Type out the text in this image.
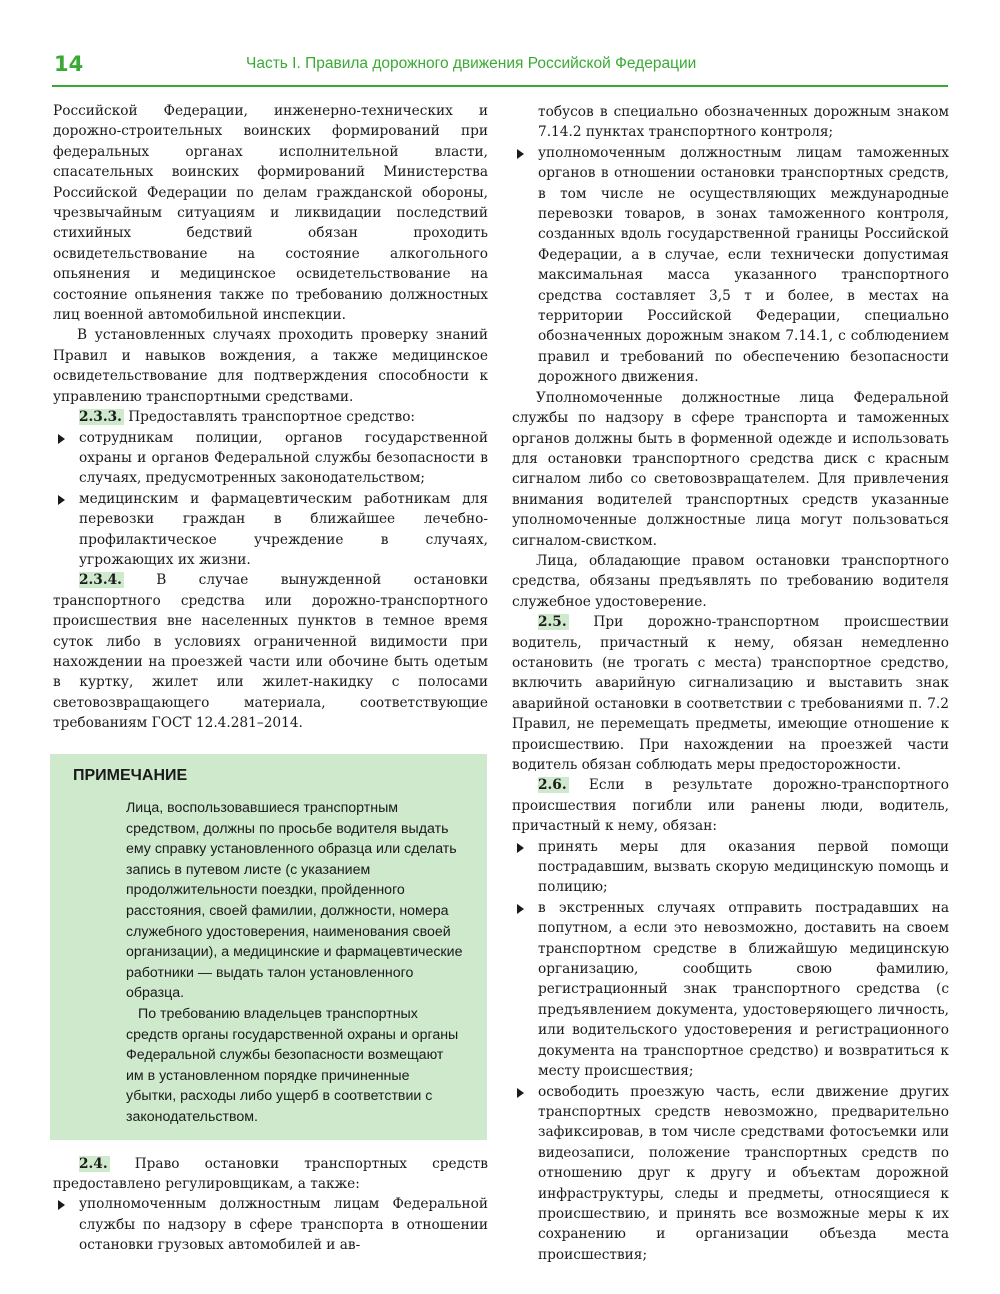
14	Часть I. Правила дорожного движения Российской Федерации

Российской Федерации, инженерно-технических и дорожно-строительных воинских формирований при федеральных органах исполнительной власти, спасательных воинских формирований Министерства Российской Федерации по делам гражданской обороны, чрезвычайным ситуациям и ликвидации последствий стихийных бедствий обязан проходить освидетельствование на состояние алкогольного опьянения и медицинское освидетельствование на состояние опьянения также по требованию должностных лиц военной автомобильной инспекции.

В установленных случаях проходить проверку знаний Правил и навыков вождения, а также медицинское освидетельствование для подтверждения способности к управлению транспортными средствами.

2.3.3. Предоставлять транспортное средство:

сотрудникам полиции, органов государственной охраны и органов Федеральной службы безопасности в случаях, предусмотренных законодательством;

медицинским и фармацевтическим работникам для перевозки граждан в ближайшее лечебно-профилактическое учреждение в случаях, угрожающих их жизни.

2.3.4. В случае вынужденной остановки транспортного средства или дорожно-транспортного происшествия вне населенных пунктов в темное время суток либо в условиях ограниченной видимости при нахождении на проезжей части или обочине быть одетым в куртку, жилет или жилет-накидку с полосами световозвращающего материала, соответствующие требованиям ГОСТ 12.4.281–2014.

ПРИМЕЧАНИЕ

Лица, воспользовавшиеся транспортным средством, должны по просьбе водителя выдать ему справку установленного образца или сделать запись в путевом листе (с указанием продолжительности поездки, пройденного расстояния, своей фамилии, должности, номера служебного удостоверения, наименования своей организации), а медицинские и фармацевтические работники — выдать талон установленного образца.

По требованию владельцев транспортных средств органы государственной охраны и органы Федеральной службы безопасности возмещают им в установленном порядке причиненные убытки, расходы либо ущерб в соответствии с законодательством.

2.4. Право остановки транспортных средств предоставлено регулировщикам, а также:

уполномоченным должностным лицам Федеральной службы по надзору в сфере транспорта в отношении остановки грузовых автомобилей и ав-

тобусов в специально обозначенных дорожным знаком 7.14.2 пунктах транспортного контроля;

уполномоченным должностным лицам таможенных органов в отношении остановки транспортных средств, в том числе не осуществляющих международные перевозки товаров, в зонах таможенного контроля, созданных вдоль государственной границы Российской Федерации, а в случае, если технически допустимая максимальная масса указанного транспортного средства составляет 3,5 т и более, в местах на территории Российской Федерации, специально обозначенных дорожным знаком 7.14.1, с соблюдением правил и требований по обеспечению безопасности дорожного движения.

Уполномоченные должностные лица Федеральной службы по надзору в сфере транспорта и таможенных органов должны быть в форменной одежде и использовать для остановки транспортного средства диск с красным сигналом либо со световозвращателем. Для привлечения внимания водителей транспортных средств указанные уполномоченные должностные лица могут пользоваться сигналом-свистком.

Лица, обладающие правом остановки транспортного средства, обязаны предъявлять по требованию водителя служебное удостоверение.

2.5. При дорожно-транспортном происшествии водитель, причастный к нему, обязан немедленно остановить (не трогать с места) транспортное средство, включить аварийную сигнализацию и выставить знак аварийной остановки в соответствии с требованиями п. 7.2 Правил, не перемещать предметы, имеющие отношение к происшествию. При нахождении на проезжей части водитель обязан соблюдать меры предосторожности.

2.6. Если в результате дорожно-транспортного происшествия погибли или ранены люди, водитель, причастный к нему, обязан:

принять меры для оказания первой помощи пострадавшим, вызвать скорую медицинскую помощь и полицию;

в экстренных случаях отправить пострадавших на попутном, а если это невозможно, доставить на своем транспортном средстве в ближайшую медицинскую организацию, сообщить свою фамилию, регистрационный знак транспортного средства (с предъявлением документа, удостоверяющего личность, или водительского удостоверения и регистрационного документа на транспортное средство) и возвратиться к месту происшествия;

освободить проезжую часть, если движение других транспортных средств невозможно, предварительно зафиксировав, в том числе средствами фотосъемки или видеозаписи, положение транспортных средств по отношению друг к другу и объектам дорожной инфраструктуры, следы и предметы, относящиеся к происшествию, и принять все возможные меры к их сохранению и организации объезда места происшествия;
